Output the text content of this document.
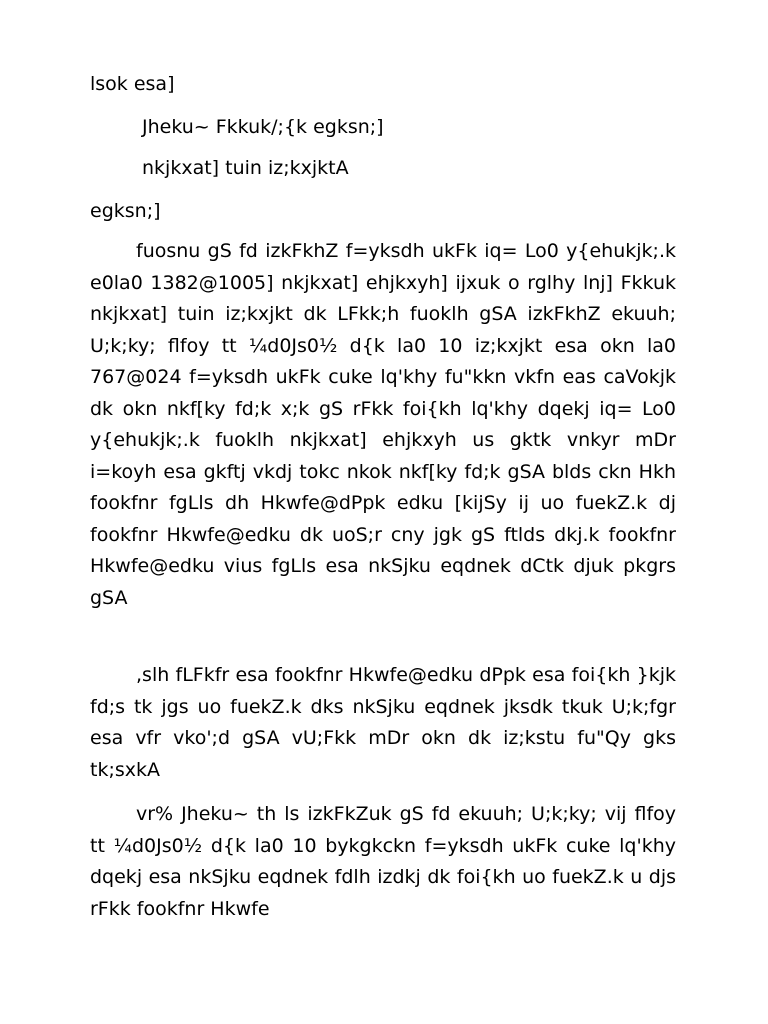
lsok esa]

Jheku~ Fkkuk/;{k egksn;]

nkjkxat] tuin iz;kxjktA

egksn;]

fuosnu gS fd izkFkhZ f=yksdh ukFk iq= Lo0 y{ehukjk;.k e0la0 1382@1005] nkjkxat] ehjkxyh] ijxuk o rglhy lnj] Fkkuk nkjkxat] tuin iz;kxjkt dk LFkk;h fuoklh gSA izkFkhZ ekuuh; U;k;ky; flfoy tt ¼d0Js0½ d{k la0 10 iz;kxjkt esa okn la0 767@024 f=yksdh ukFk cuke lq'khy fu"kkn vkfn eas caVokjk dk okn nkf[ky fd;k x;k gS rFkk foi{kh lq'khy dqekj iq= Lo0 y{ehukjk;.k fuoklh nkjkxat] ehjkxyh us gktk vnkyr mDr i=koyh esa gkftj vkdj tokc nkok nkf[ky fd;k gSA blds ckn Hkh fookfnr fgLls dh Hkwfe@dPpk edku [kijSy ij uo fuekZ.k dj fookfnr Hkwfe@edku dk uoS;r cny jgk gS ftlds dkj.k fookfnr Hkwfe@edku vius fgLls esa nkSjku eqdnek dCtk djuk pkgrs gSA

,slh fLFkfr esa fookfnr Hkwfe@edku dPpk esa foi{kh }kjk fd;s tk jgs uo fuekZ.k dks nkSjku eqdnek jksdk tkuk U;k;fgr esa vfr vko';d gSA vU;Fkk mDr okn dk iz;kstu fu"Qy gks tk;sxkA

vr% Jheku~ th ls izkFkZuk gS fd ekuuh; U;k;ky; vij flfoy tt ¼d0Js0½ d{k la0 10 bykgkckn f=yksdh ukFk cuke lq'khy dqekj esa nkSjku eqdnek fdlh izdkj dk foi{kh uo fuekZ.k u djs rFkk fookfnr Hkwfe
